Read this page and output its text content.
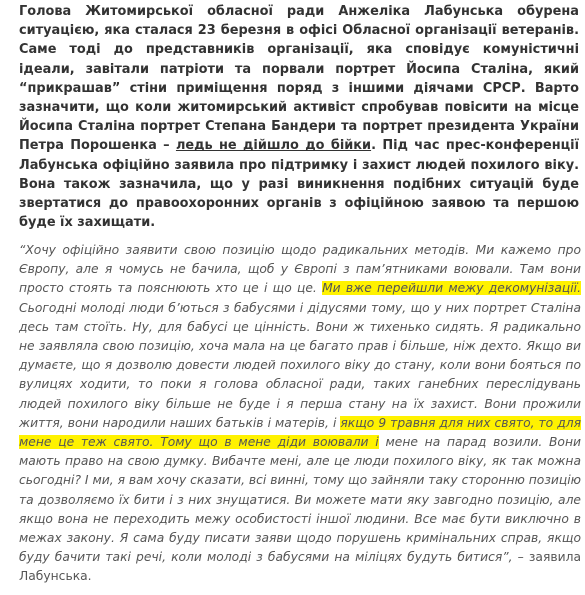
Голова Житомирської обласної ради Анжеліка Лабунська обурена ситуацією, яка сталася 23 березня в офісі Обласної організації ветеранів. Саме тоді до представників організації, яка сповідує комуністичні ідеали, завітали патріоти та порвали портрет Йосипа Сталіна, який “прикрашав” стіни приміщення поряд з іншими діячами СРСР. Варто зазначити, що коли житомирський активіст спробував повісити на місце Йосипа Сталіна портрет Степана Бандери та портрет президента України Петра Порошенка – ледь не дійшло до бійки. Під час прес-конференції Лабунська офіційно заявила про підтримку і захист людей похилого віку. Вона також зазначила, що у разі виникнення подібних ситуацій буде звертатися до правоохоронних органів з офіційною заявою та першою буде їх захищати.

“Хочу офіційно заявити свою позицію щодо радикальних методів. Ми кажемо про Європу, але я чомусь не бачила, щоб у Європі з пам’ятниками воювали. Там вони просто стоять та пояснюють хто це і що це. Ми вже перейшли межу декомунізації. Сьогодні молоді люди б’ються з бабусями і дідусями тому, що у них портрет Сталіна десь там стоїть. Ну, для бабусі це цінність. Вони ж тихенько сидять. Я радикально не заявляла свою позицію, хоча мала на це багато прав і більше, ніж дехто. Якщо ви думаєте, що я дозволю довести людей похилого віку до стану, коли вони бояться по вулицях ходити, то поки я голова обласної ради, таких ганебних переслідувань людей похилого віку більше не буде і я перша стану на їх захист. Вони прожили життя, вони народили наших батьків і матерів, і якщо 9 травня для них свято, то для мене це теж свято. Тому що в мене діди воювали і мене на парад возили. Вони мають право на свою думку. Вибачте мені, але це люди похилого віку, як так можна сьогодні? І ми, я вам хочу сказати, всі винні, тому що зайняли таку сторонню позицію та дозволяємо їх бити і з них знущатися. Ви можете мати яку завгодно позицію, але якщо вона не переходить межу особистості іншої людини. Все має бути виключно в межах закону. Я сама буду писати заяви щодо порушень кримінальних справ, якщо буду бачити такі речі, коли молоді з бабусями на міліцях будуть битися”, – заявила Лабунська.
